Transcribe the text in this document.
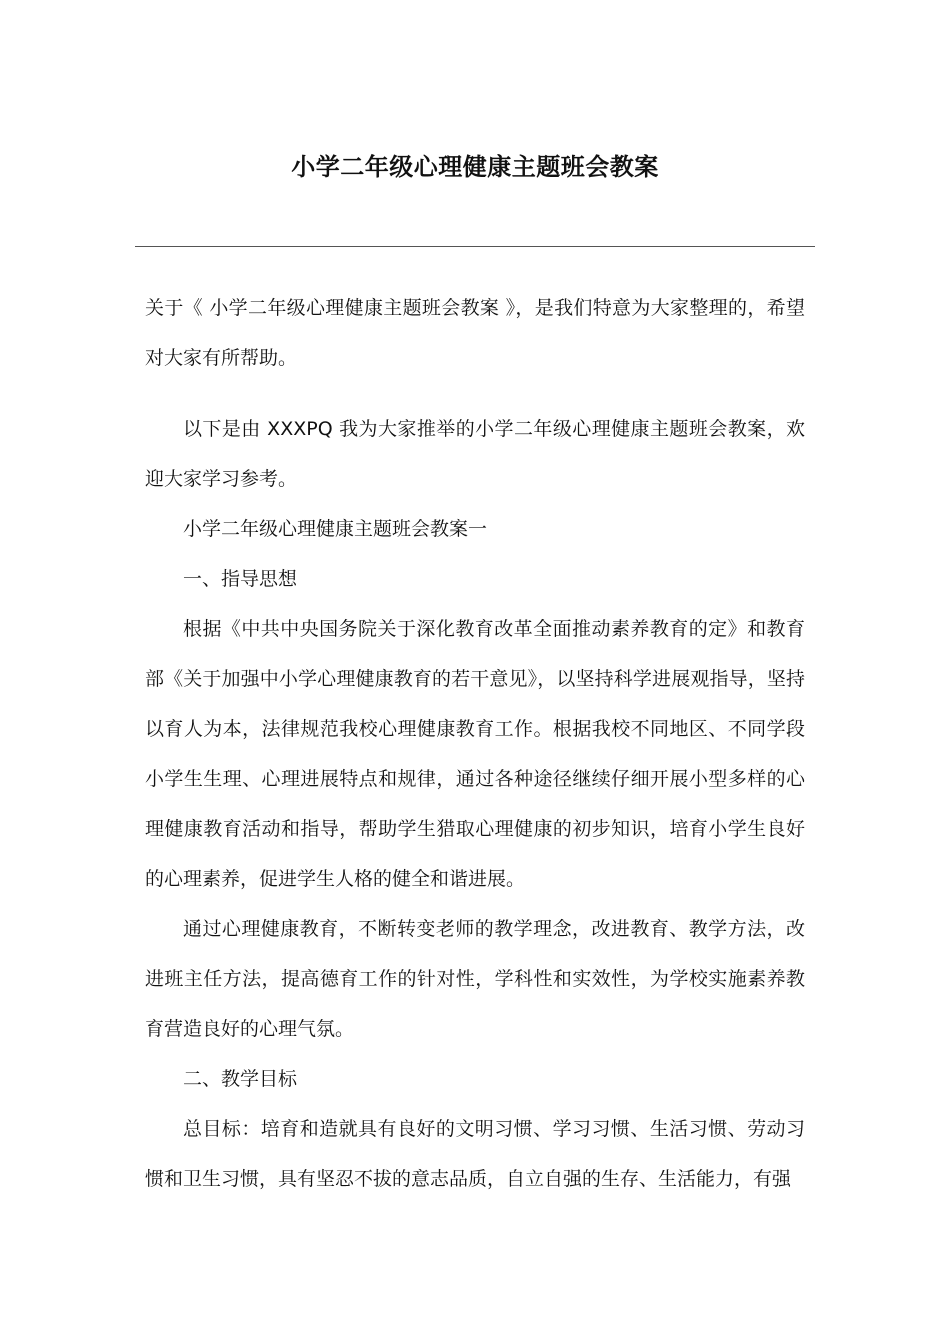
小学二年级心理健康主题班会教案

关于《 小学二年级心理健康主题班会教案 》，是我们特意为大家整理的，希望对大家有所帮助。

以下是由 XXXPQ 我为大家推举的小学二年级心理健康主题班会教案，欢迎大家学习参考。

小学二年级心理健康主题班会教案一

一、指导思想

根据《中共中央国务院关于深化教育改革全面推动素养教育的定》和教育部《关于加强中小学心理健康教育的若干意见》，以坚持科学进展观指导，坚持以育人为本，法律规范我校心理健康教育工作。根据我校不同地区、不同学段小学生生理、心理进展特点和规律，通过各种途径继续仔细开展小型多样的心理健康教育活动和指导，帮助学生猎取心理健康的初步知识，培育小学生良好的心理素养，促进学生人格的健全和谐进展。

通过心理健康教育，不断转变老师的教学理念，改进教育、教学方法，改进班主任方法，提高德育工作的针对性，学科性和实效性，为学校实施素养教育营造良好的心理气氛。

二、教学目标

总目标：培育和造就具有良好的文明习惯、学习习惯、生活习惯、劳动习惯和卫生习惯，具有坚忍不拔的意志品质，自立自强的生存、生活能力，有强
